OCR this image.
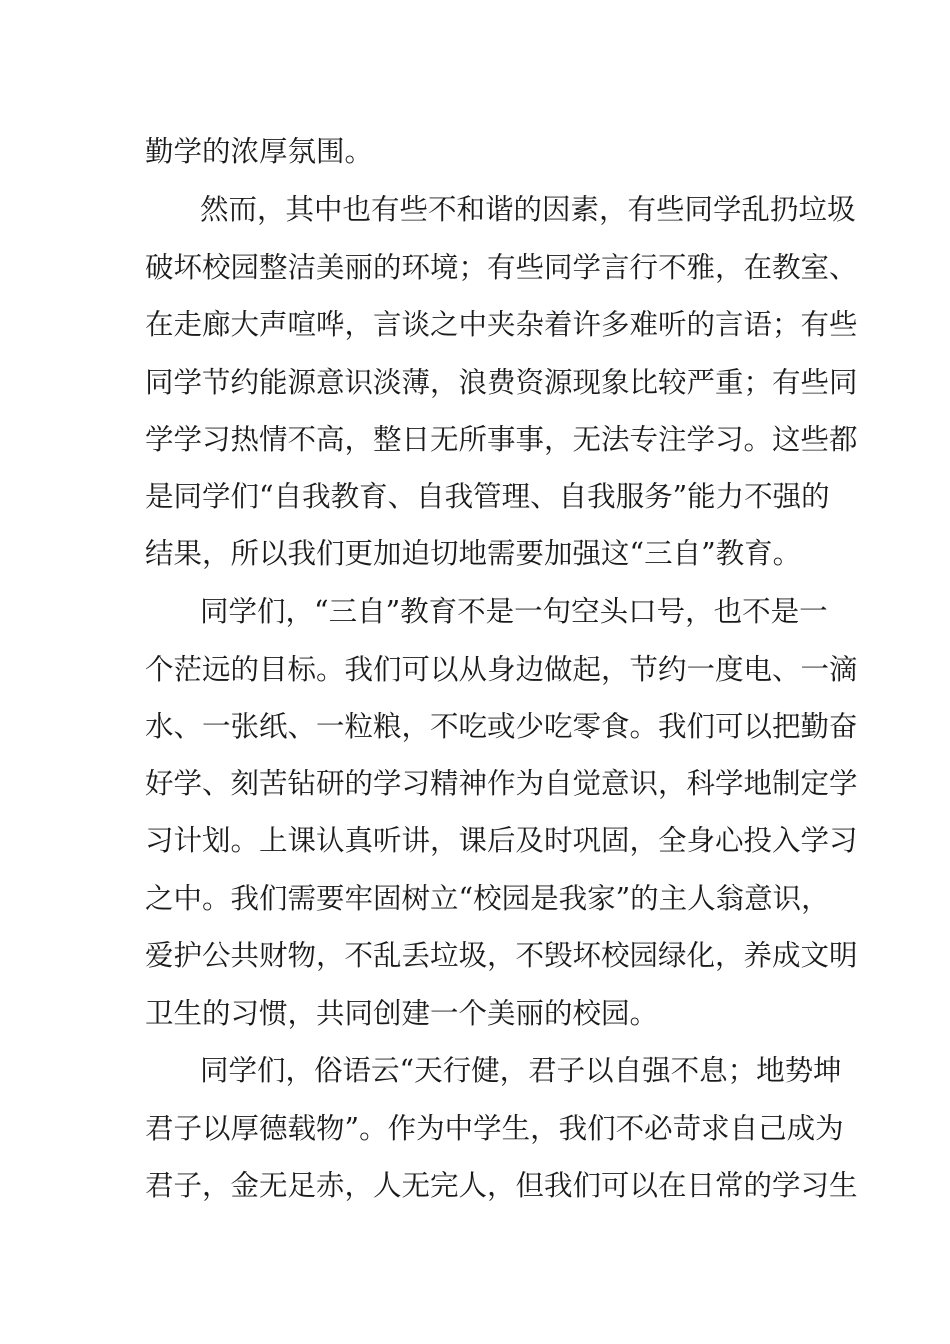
勤学的浓厚氛围。
然而，其中也有些不和谐的因素，有些同学乱扔垃圾
破坏校园整洁美丽的环境；有些同学言行不雅，在教室、
在走廊大声喧哗，言谈之中夹杂着许多难听的言语；有些
同学节约能源意识淡薄，浪费资源现象比较严重；有些同
学学习热情不高，整日无所事事，无法专注学习。这些都
是同学们“自我教育、自我管理、自我服务”能力不强的
结果，所以我们更加迫切地需要加强这“三自”教育。
同学们，“三自”教育不是一句空头口号，也不是一
个茫远的目标。我们可以从身边做起，节约一度电、一滴
水、一张纸、一粒粮，不吃或少吃零食。我们可以把勤奋
好学、刻苦钻研的学习精神作为自觉意识，科学地制定学
习计划。上课认真听讲，课后及时巩固，全身心投入学习
之中。我们需要牢固树立“校园是我家”的主人翁意识，
爱护公共财物，不乱丢垃圾，不毁坏校园绿化，养成文明
卫生的习惯，共同创建一个美丽的校园。
同学们，俗语云“天行健，君子以自强不息；地势坤
君子以厚德载物”。作为中学生，我们不必苛求自己成为
君子，金无足赤，人无完人，但我们可以在日常的学习生
